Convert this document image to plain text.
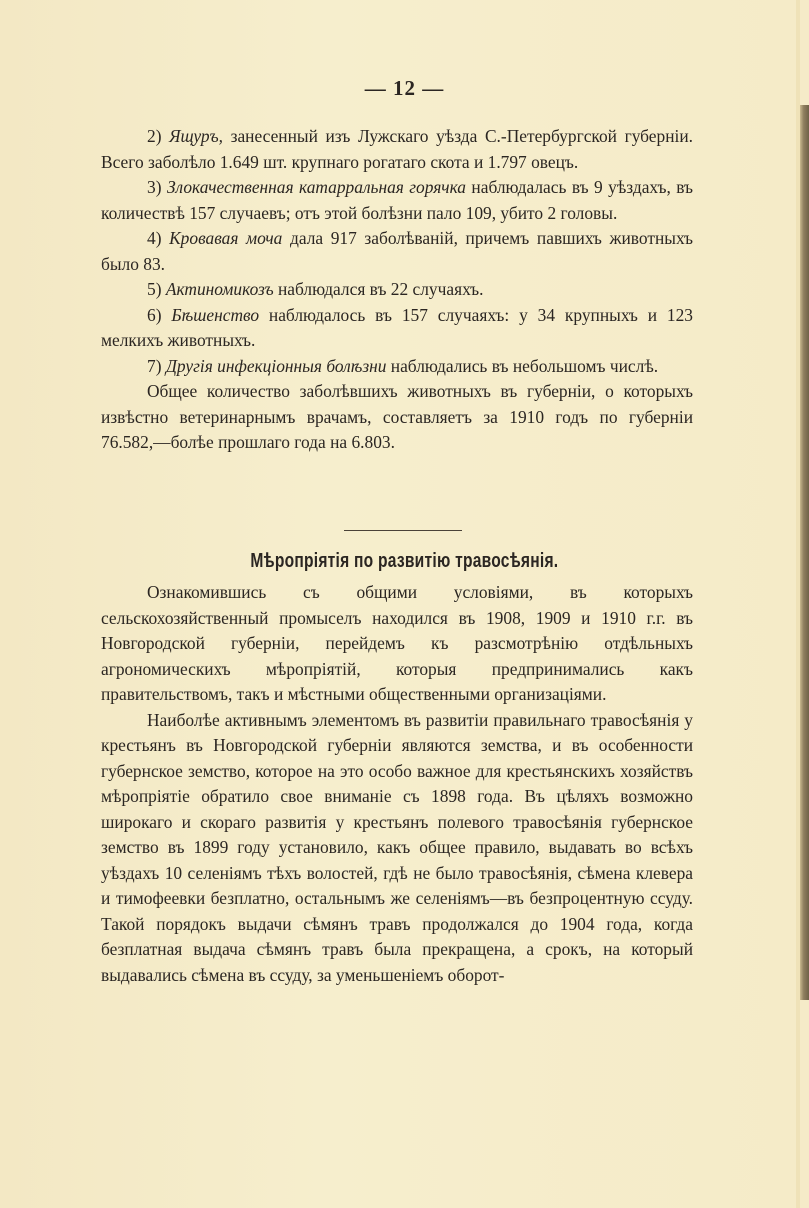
— 12 —

2) Ящуръ, занесенный изъ Лужскаго уѣзда С.-Петербургской губерніи. Всего заболѣло 1.649 шт. крупнаго рогатаго скота и 1.797 овецъ.

3) Злокачественная катарральная горячка наблюдалась въ 9 уѣздахъ, въ количествѣ 157 случаевъ; отъ этой болѣзни пало 109, убито 2 головы.

4) Кровавая моча дала 917 заболѣваній, причемъ павшихъ животныхъ было 83.

5) Актиномикозъ наблюдался въ 22 случаяхъ.

6) Бѣшенство наблюдалось въ 157 случаяхъ: у 34 крупныхъ и 123 мелкихъ животныхъ.

7) Другія инфекціонныя болѣзни наблюдались въ небольшомъ числѣ.

Общее количество заболѣвшихъ животныхъ въ губерніи, о которыхъ извѣстно ветеринарнымъ врачамъ, составляетъ за 1910 годъ по губерніи 76.582,—болѣе прошлаго года на 6.803.

Мѣропріятія по развитію травосѣянія.

Ознакомившись съ общими условіями, въ которыхъ сельскохозяйственный промыселъ находился въ 1908, 1909 и 1910 г.г. въ Новгородской губерніи, перейдемъ къ разсмотрѣнію отдѣльныхъ агрономическихъ мѣропріятій, которыя предпринимались какъ правительствомъ, такъ и мѣстными общественными организаціями.

Наиболѣе активнымъ элементомъ въ развитіи правильнаго травосѣянія у крестьянъ въ Новгородской губерніи являются земства, и въ особенности губернское земство, которое на это особо важное для крестьянскихъ хозяйствъ мѣропріятіе обратило свое вниманіе съ 1898 года. Въ цѣляхъ возможно широкаго и скораго развитія у крестьянъ полевого травосѣянія губернское земство въ 1899 году установило, какъ общее правило, выдавать во всѣхъ уѣздахъ 10 селеніямъ тѣхъ волостей, гдѣ не было травосѣянія, сѣмена клевера и тимофеевки безплатно, остальнымъ же селеніямъ—въ безпроцентную ссуду. Такой порядокъ выдачи сѣмянъ травъ продолжался до 1904 года, когда безплатная выдача сѣмянъ травъ была прекращена, а срокъ, на который выдавались сѣмена въ ссуду, за уменьшеніемъ оборот-
